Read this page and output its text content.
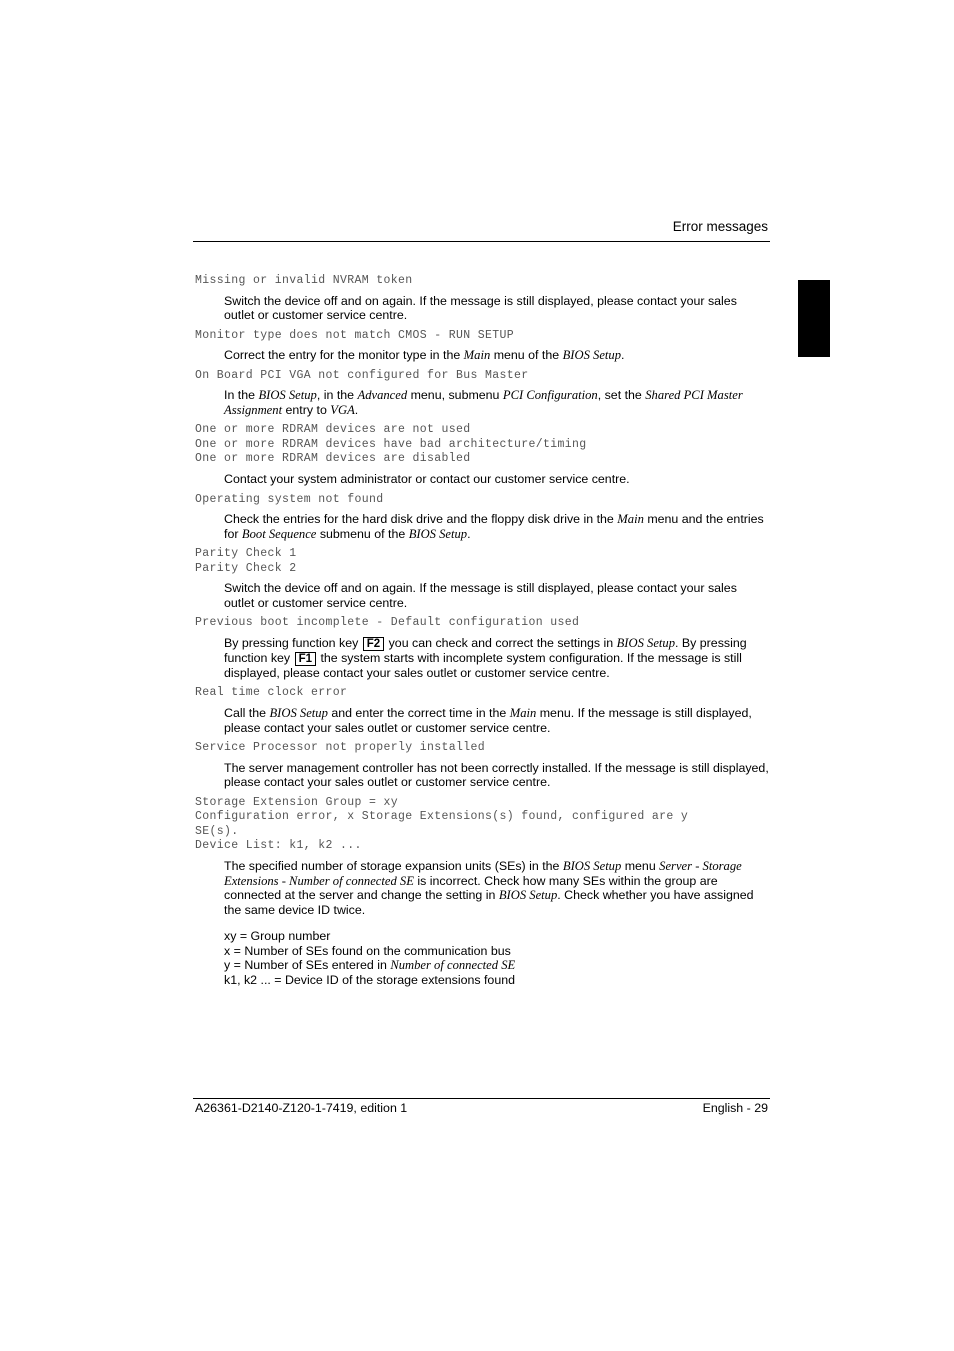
Error messages
Missing or invalid NVRAM token

Switch the device off and on again. If the message is still displayed, please contact your sales outlet or customer service centre.

Monitor type does not match CMOS - RUN SETUP

Correct the entry for the monitor type in the Main menu of the BIOS Setup.

On Board PCI VGA not configured for Bus Master

In the BIOS Setup, in the Advanced menu, submenu PCI Configuration, set the Shared PCI Master Assignment entry to VGA.

One or more RDRAM devices are not used
One or more RDRAM devices have bad architecture/timing
One or more RDRAM devices are disabled

Contact your system administrator or contact our customer service centre.

Operating system not found

Check the entries for the hard disk drive and the floppy disk drive in the Main menu and the entries for Boot Sequence submenu of the BIOS Setup.

Parity Check 1
Parity Check 2

Switch the device off and on again. If the message is still displayed, please contact your sales outlet or customer service centre.

Previous boot incomplete - Default configuration used

By pressing function key F2 you can check and correct the settings in BIOS Setup. By pressing function key F1 the system starts with incomplete system configuration. If the message is still displayed, please contact your sales outlet or customer service centre.

Real time clock error

Call the BIOS Setup and enter the correct time in the Main menu. If the message is still displayed, please contact your sales outlet or customer service centre.

Service Processor not properly installed

The server management controller has not been correctly installed. If the message is still displayed, please contact your sales outlet or customer service centre.

Storage Extension Group = xy
Configuration error, x Storage Extensions(s) found, configured are y
SE(s).
Device List: k1, k2 ...

The specified number of storage expansion units (SEs) in the BIOS Setup menu Server - Storage Extensions - Number of connected SE is incorrect. Check how many SEs within the group are connected at the server and change the setting in BIOS Setup. Check whether you have assigned the same device ID twice.

xy = Group number
x = Number of SEs found on the communication bus
y = Number of SEs entered in Number of connected SE
k1, k2 ... = Device ID of the storage extensions found
A26361-D2140-Z120-1-7419, edition 1	English - 29
